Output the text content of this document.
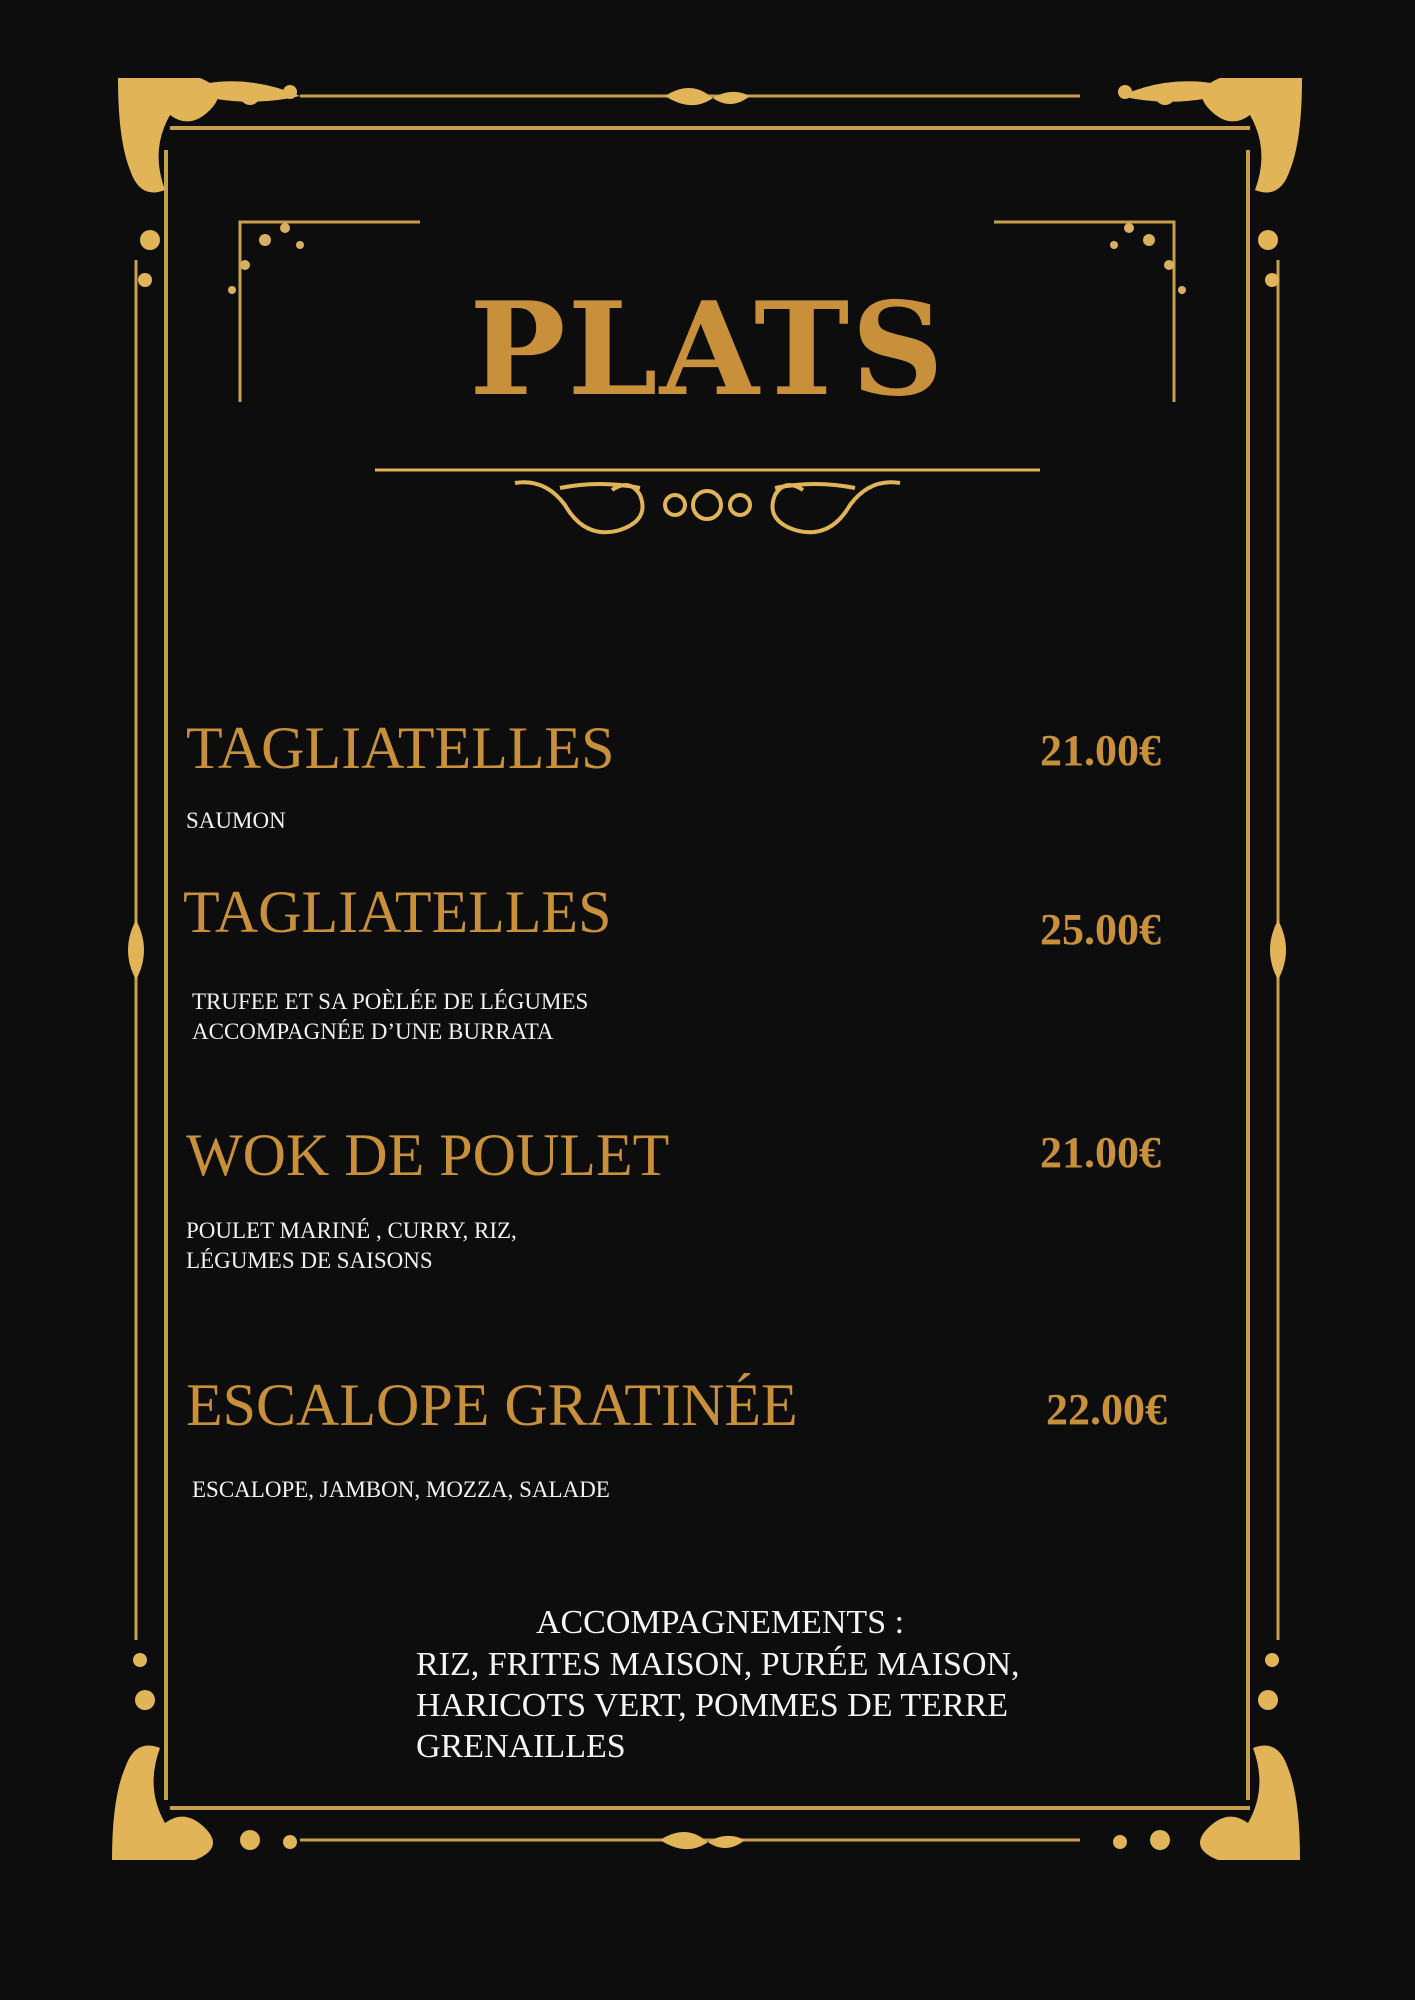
PLATS
TAGLIATELLES	21.00€
SAUMON
TAGLIATELLES	25.00€
TRUFEE ET SA POÈLÉE DE LÉGUMES
ACCOMPAGNÉE D’UNE BURRATA
WOK DE POULET	21.00€
POULET MARINÉ , CURRY, RIZ,
LÉGUMES DE SAISONS
ESCALOPE GRATINÉE	22.00€
ESCALOPE, JAMBON, MOZZA, SALADE
ACCOMPAGNEMENTS :
RIZ, FRITES MAISON, PURÉE MAISON,
HARICOTS VERT, POMMES DE TERRE
GRENAILLES
